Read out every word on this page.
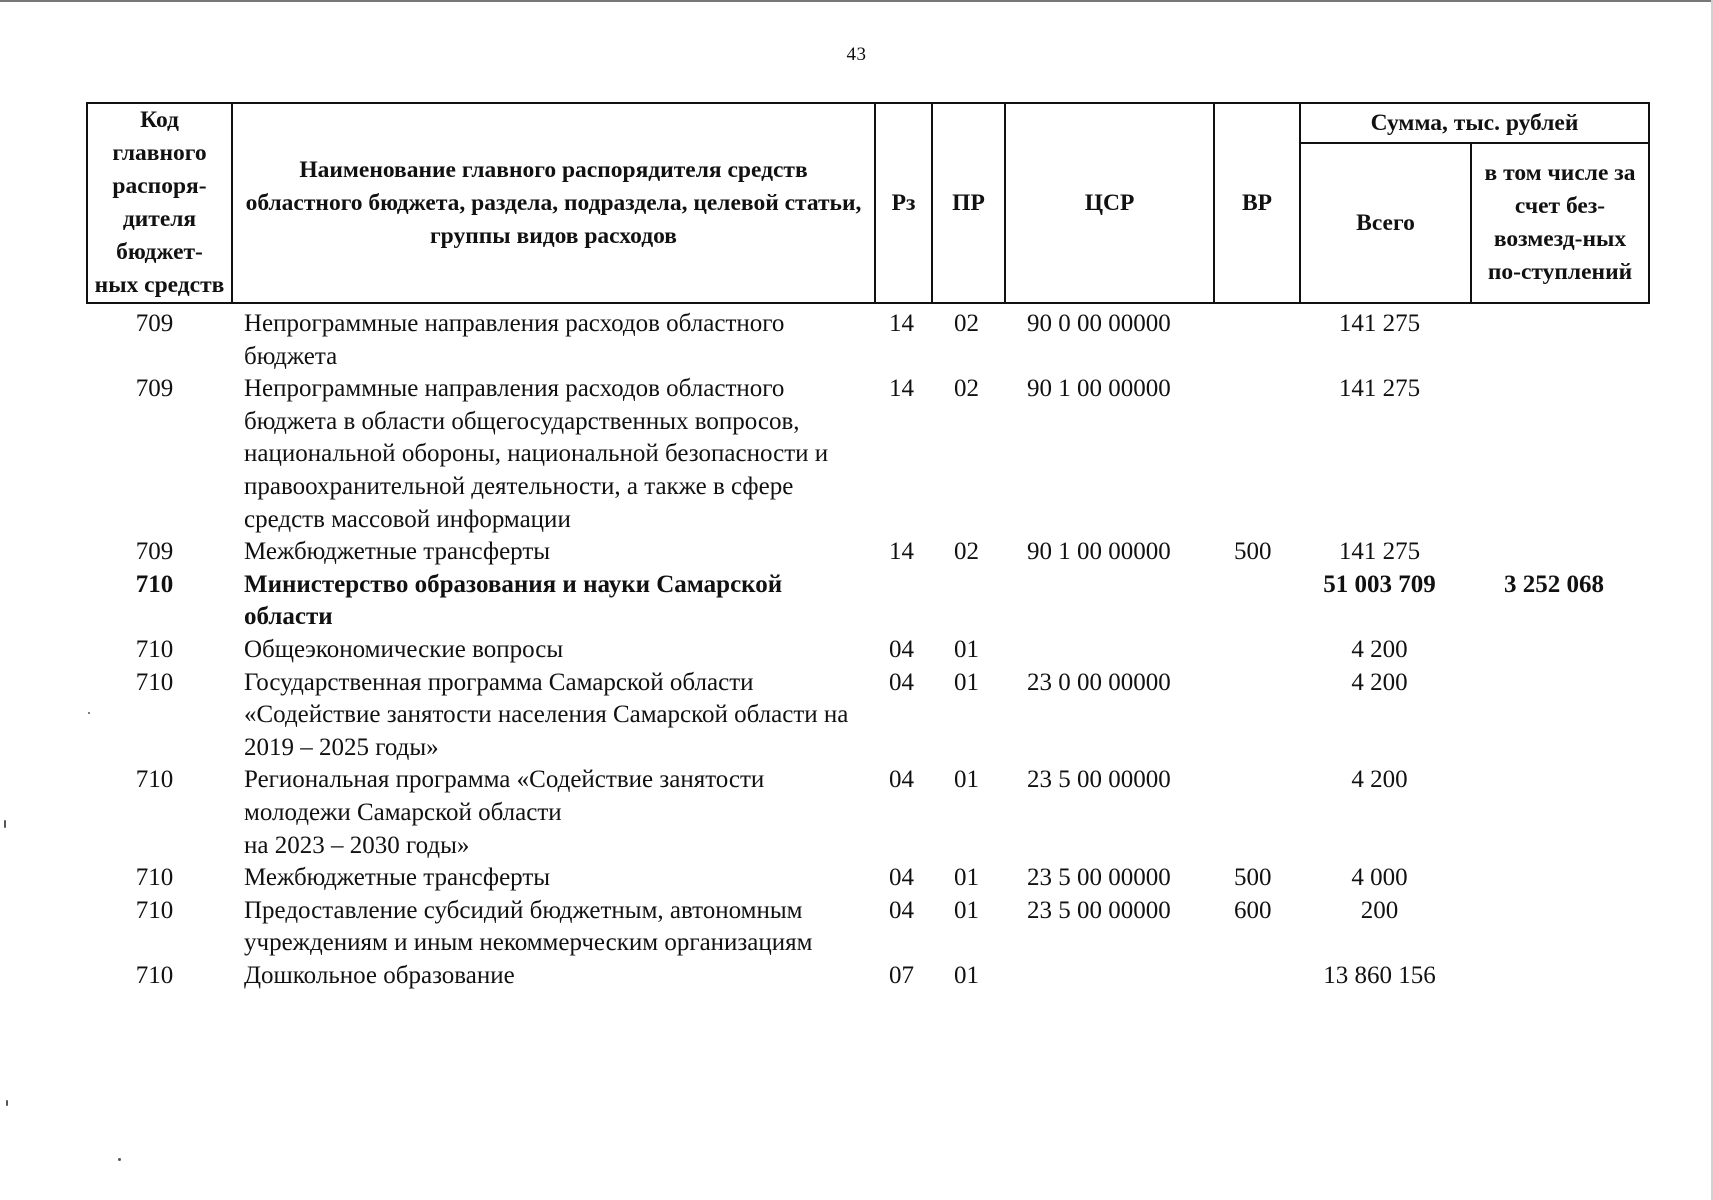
43
Код главного распоря-дителя бюджет-ных средств	Наименование главного распорядителя средств областного бюджета, раздела, подраздела, целевой статьи, группы видов расходов	Рз	ПР	ЦСР	ВР	Сумма, тыс. рублей	
						Всего	в том числе за счет без-возмезд-ных по-ступлений

709	Непрограммные направления расходов областного бюджета	14	02	90 0 00 00000		141 275	
709	Непрограммные направления расходов областного бюджета в области общегосударственных вопросов, национальной обороны, национальной безопасности и правоохранительной деятельности, а также в сфере средств массовой информации	14	02	90 1 00 00000		141 275	
709	Межбюджетные трансферты	14	02	90 1 00 00000	500	141 275	
710	Министерство образования и науки Самарской области					51 003 709	3 252 068
710	Общеэкономические вопросы	04	01			4 200	
710	Государственная программа Самарской области «Содействие занятости населения Самарской области на 2019 – 2025 годы»	04	01	23 0 00 00000		4 200	
710	Региональная программа «Содействие занятости молодежи Самарской области
на 2023 – 2030 годы»	04	01	23 5 00 00000		4 200	
710	Межбюджетные трансферты	04	01	23 5 00 00000	500	4 000	
710	Предоставление субсидий бюджетным, автономным учреждениям и иным некоммерческим организациям	04	01	23 5 00 00000	600	200	
710	Дошкольное образование	07	01			13 860 156	
